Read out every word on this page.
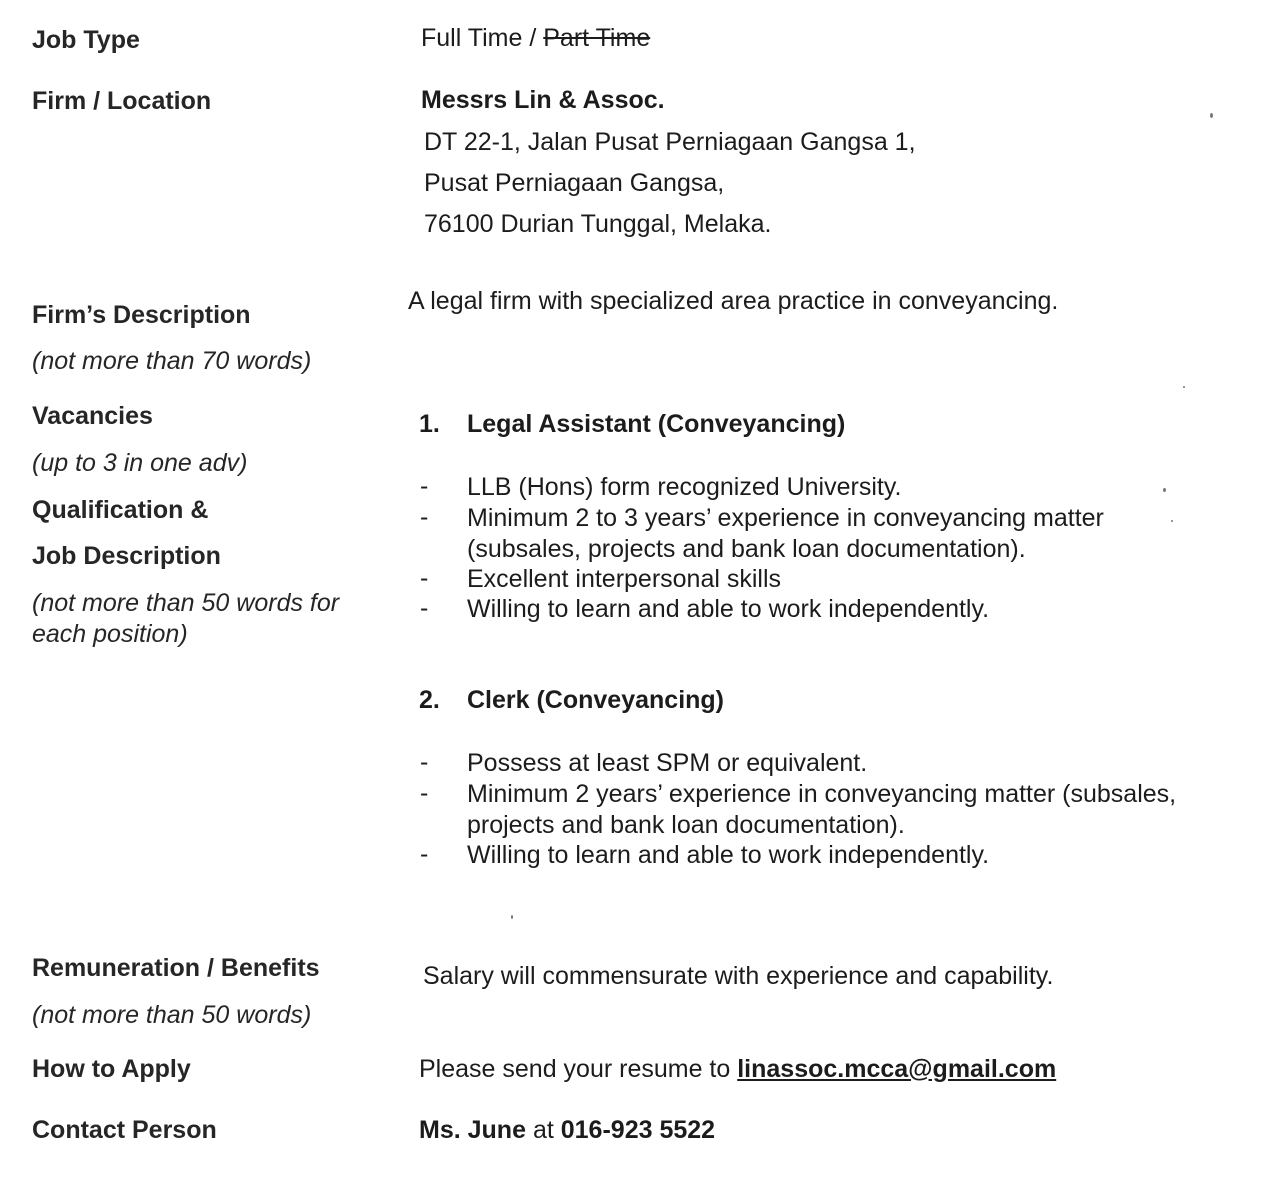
Job Type
Firm / Location
Firm’s Description
(not more than 70 words)
Vacancies
(up to 3 in one adv)
Qualification &
Job Description
(not more than 50 words for each position)
Remuneration / Benefits
(not more than 50 words)
How to Apply
Contact Person
Full Time / Part Time
Messrs Lin & Assoc.
DT 22-1, Jalan Pusat Perniagaan Gangsa 1,
Pusat Perniagaan Gangsa,
76100 Durian Tunggal, Melaka.
A legal firm with specialized area practice in conveyancing.
1. Legal Assistant (Conveyancing)
- LLB (Hons) form recognized University.
- Minimum 2 to 3 years’ experience in conveyancing matter (subsales, projects and bank loan documentation).
- Excellent interpersonal skills
- Willing to learn and able to work independently.
2. Clerk (Conveyancing)
- Possess at least SPM or equivalent.
- Minimum 2 years’ experience in conveyancing matter (subsales, projects and bank loan documentation).
- Willing to learn and able to work independently.
Salary will commensurate with experience and capability.
Please send your resume to linassoc.mcca@gmail.com
Ms. June at 016-923 5522
